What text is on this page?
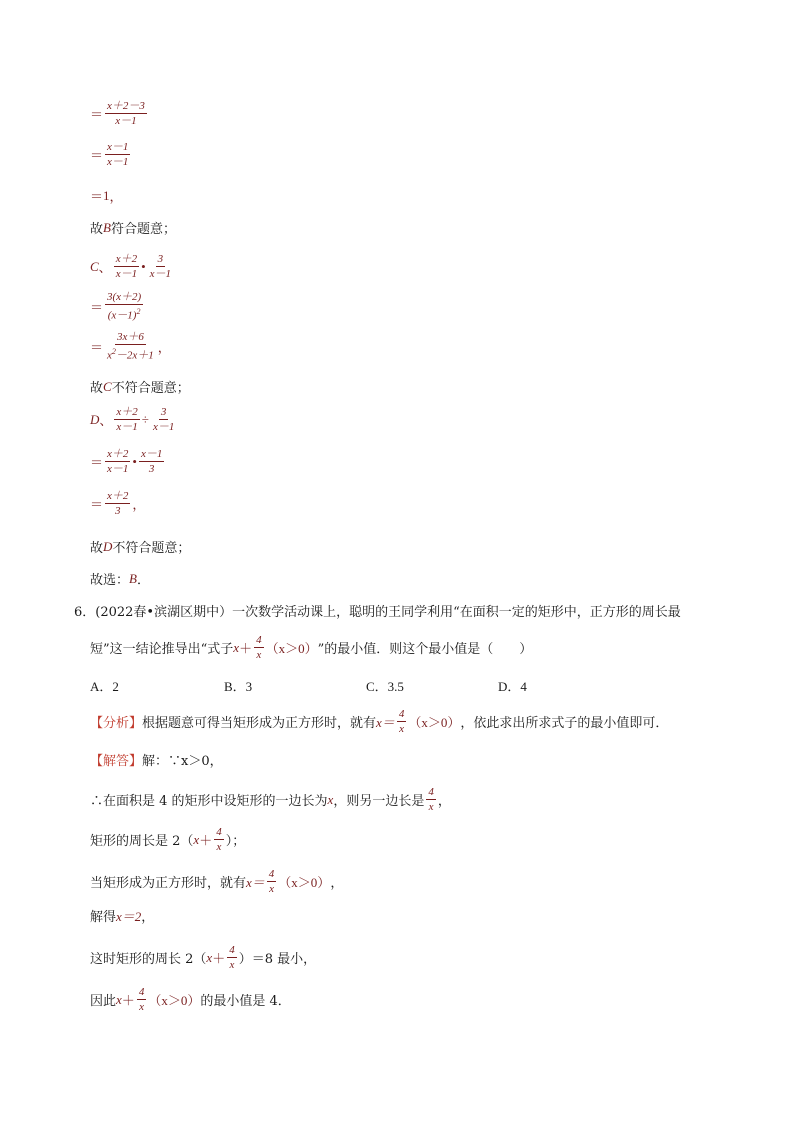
＝ $\frac{x+2-3}{x-1}$
＝ $\frac{x-1}{x-1}$
＝ 1 ，
故 B 符合题意；
C 、 $\frac{x+2}{x-1}$ • $\frac{3}{x-1}$
＝ $\frac{3(x+2)}{(x-1)^2}$
＝ $\frac{3x+6}{x^2-2x+1}$ ，
故 C 不符合题意；
D 、 $\frac{x+2}{x-1} \div \frac{3}{x-1}$
＝ $\frac{x+2}{x-1}$ • $\frac{x-1}{3}$
＝ $\frac{x+2}{3}$ ，
故 D 不符合题意；
故选： B ．
6．(2022春•滨湖区期中）一次数学活动课上，聪明的王同学利用“在面积一定的矩形中，正方形的周长最
短”这一结论推导出“式子 $x + \frac{4}{x} (x>0)$ ”的最小值．则这个最小值是（　　）
A．2	B．3	C．3.5	D．4
【分析】 根据题意可得当矩形成为正方形时，就有 $x= \frac{4}{x} (x>0)$ ，依此求出所求式子的最小值即可．
【解答】 解：∵x＞0，
∴在面积是 4 的矩形中设矩形的一边长为 x ，则另一边长是 $\frac{4}{x}$ ，
矩形的周长是 2（ $x + \frac{4}{x}$ ）；
当矩形成为正方形时，就有 $x= \frac{4}{x} (x>0)$ ，
解得 x＝2 ，
这时矩形的周长 2（ $x + \frac{4}{x} )=8$ 最小，
因此 $x + \frac{4}{x} (x>0)$ 的最小值是 4．
